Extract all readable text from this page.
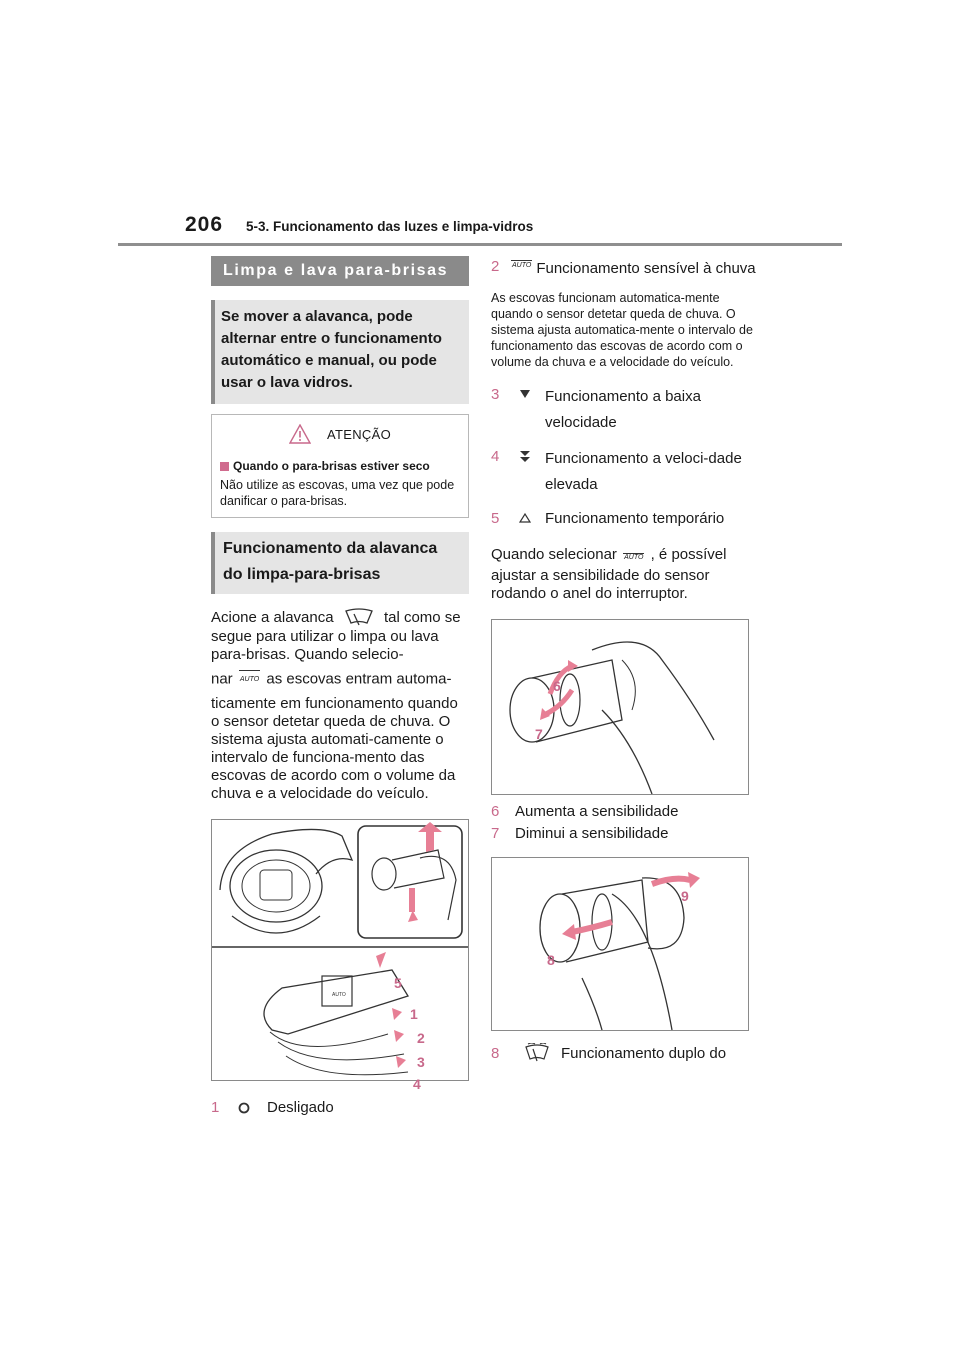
206 5-3. Funcionamento das luzes e limpa-vidros
Limpa e lava para-brisas
Se mover a alavanca, pode alternar entre o funcionamento automático e manual, ou pode usar o lava vidros.
ATENÇÃO
Quando o para-brisas estiver seco
Não utilize as escovas, uma vez que pode danificar o para-brisas.
Funcionamento da alavanca do limpa-para-brisas
Acione a alavanca	tal como se segue para utilizar o limpa ou lava para-brisas. Quando selecio-
nar AUTO as escovas entram automa-
ticamente em funcionamento quando o sensor detetar queda de chuva. O sistema ajusta automati-camente o intervalo de funciona-mento das escovas de acordo com o volume da chuva e a velocidade do veículo.
AUTO
5
1
2
3
4
1	Desligado
2	AUTO Funcionamento sensível à chuva
As escovas funcionam automatica-mente quando o sensor detetar queda de chuva. O sistema ajusta automatica-mente o intervalo de funcionamento das escovas de acordo com o volume da chuva e a velocidade do veículo.
3	Funcionamento a baixa velocidade
4	Funcionamento a veloci-dade elevada
5	Funcionamento temporário
Quando selecionar AUTO , é possível ajustar a sensibilidade do sensor rodando o anel do interruptor.
6
7
6	Aumenta a sensibilidade
7	Diminui a sensibilidade
9
8
8	Funcionamento duplo do
